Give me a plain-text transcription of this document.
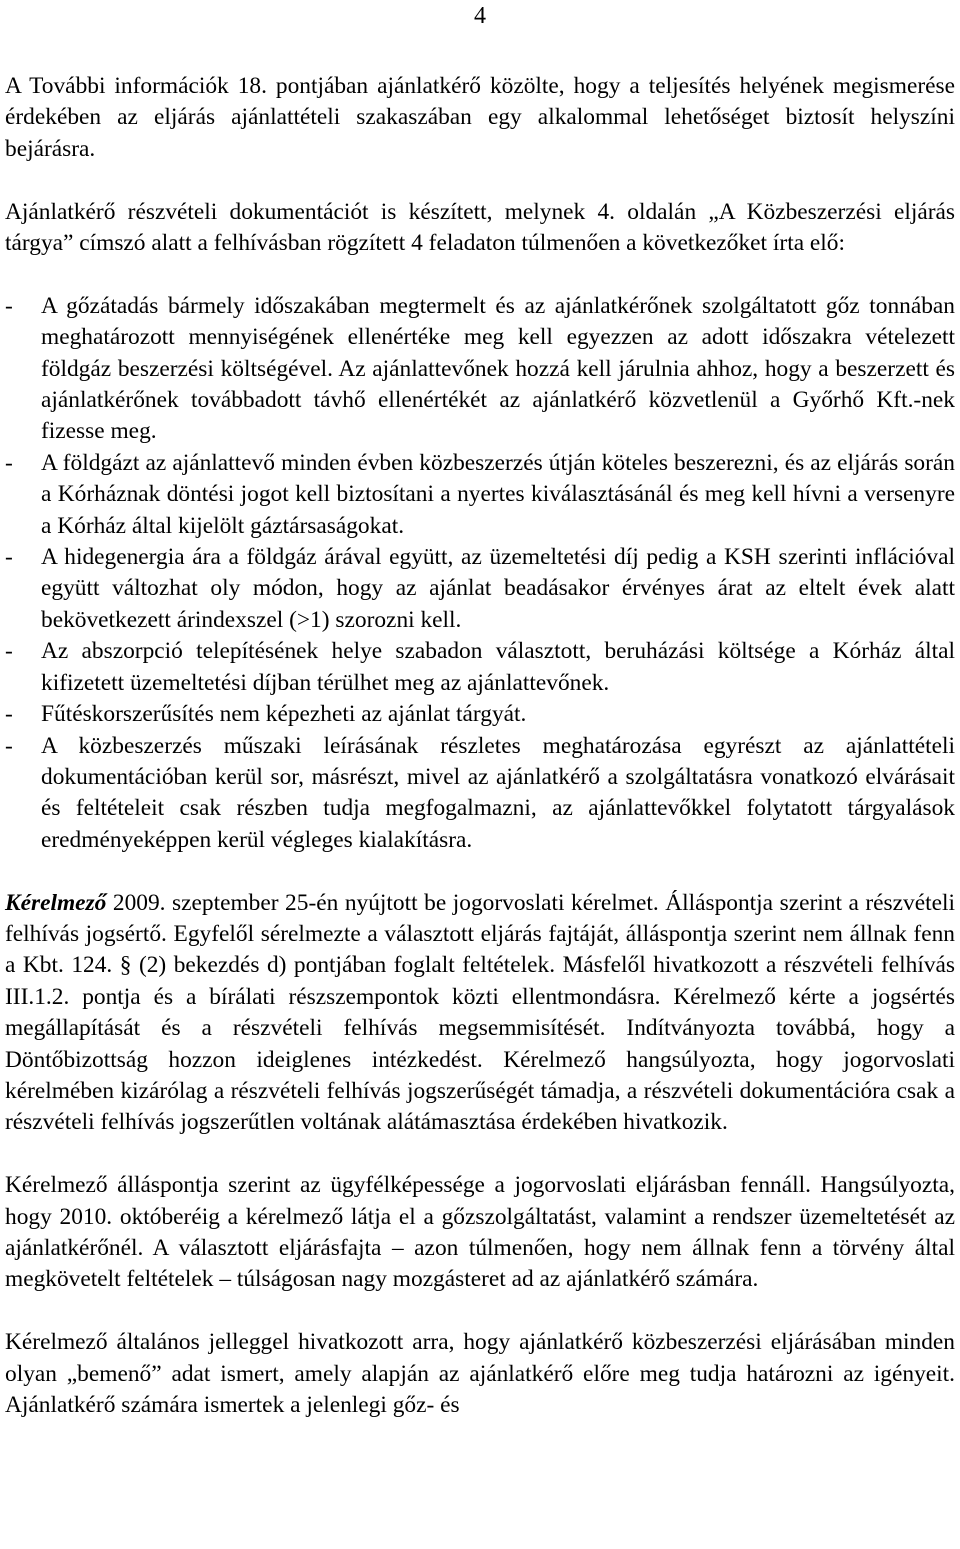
4

A További információk 18. pontjában ajánlatkérő közölte, hogy a teljesítés helyének megismerése érdekében az eljárás ajánlattételi szakaszában egy alkalommal lehetőséget biztosít helyszíni bejárásra.

Ajánlatkérő részvételi dokumentációt is készített, melynek 4. oldalán „A Közbeszerzési eljárás tárgya” címszó alatt a felhívásban rögzített 4 feladaton túlmenően a következőket írta elő:

- A gőzátadás bármely időszakában megtermelt és az ajánlatkérőnek szolgáltatott gőz tonnában meghatározott mennyiségének ellenértéke meg kell egyezzen az adott időszakra vételezett földgáz beszerzési költségével. Az ajánlattevőnek hozzá kell járulnia ahhoz, hogy a beszerzett és ajánlatkérőnek továbbadott távhő ellenértékét az ajánlatkérő közvetlenül a Győrhő Kft.-nek fizesse meg.
- A földgázt az ajánlattevő minden évben közbeszerzés útján köteles beszerezni, és az eljárás során a Kórháznak döntési jogot kell biztosítani a nyertes kiválasztásánál és meg kell hívni a versenyre a Kórház által kijelölt gáztársaságokat.
- A hidegenergia ára a földgáz árával együtt, az üzemeltetési díj pedig a KSH szerinti inflációval együtt változhat oly módon, hogy az ajánlat beadásakor érvényes árat az eltelt évek alatt bekövetkezett árindexszel (>1) szorozni kell.
- Az abszorpció telepítésének helye szabadon választott, beruházási költsége a Kórház által kifizetett üzemeltetési díjban térülhet meg az ajánlattevőnek.
- Fűtéskorszerűsítés nem képezheti az ajánlat tárgyát.
- A közbeszerzés műszaki leírásának részletes meghatározása egyrészt az ajánlattételi dokumentációban kerül sor, másrészt, mivel az ajánlatkérő a szolgáltatásra vonatkozó elvárásait és feltételeit csak részben tudja megfogalmazni, az ajánlattevőkkel folytatott tárgyalások eredményeképpen kerül végleges kialakításra.

Kérelmező 2009. szeptember 25-én nyújtott be jogorvoslati kérelmet. Álláspontja szerint a részvételi felhívás jogsértő. Egyfelől sérelmezte a választott eljárás fajtáját, álláspontja szerint nem állnak fenn a Kbt. 124. § (2) bekezdés d) pontjában foglalt feltételek. Másfelől hivatkozott a részvételi felhívás III.1.2. pontja és a bírálati részszempontok közti ellentmondásra. Kérelmező kérte a jogsértés megállapítását és a részvételi felhívás megsemmisítését. Indítványozta továbbá, hogy a Döntőbizottság hozzon ideiglenes intézkedést. Kérelmező hangsúlyozta, hogy jogorvoslati kérelmében kizárólag a részvételi felhívás jogszerűségét támadja, a részvételi dokumentációra csak a részvételi felhívás jogszerűtlen voltának alátámasztása érdekében hivatkozik.

Kérelmező álláspontja szerint az ügyfélképessége a jogorvoslati eljárásban fennáll. Hangsúlyozta, hogy 2010. októberéig a kérelmező látja el a gőzszolgáltatást, valamint a rendszer üzemeltetését az ajánlatkérőnél. A választott eljárásfajta – azon túlmenően, hogy nem állnak fenn a törvény által megkövetelt feltételek – túlságosan nagy mozgásteret ad az ajánlatkérő számára.

Kérelmező általános jelleggel hivatkozott arra, hogy ajánlatkérő közbeszerzési eljárásában minden olyan „bemenő” adat ismert, amely alapján az ajánlatkérő előre meg tudja határozni az igényeit. Ajánlatkérő számára ismertek a jelenlegi gőz- és
